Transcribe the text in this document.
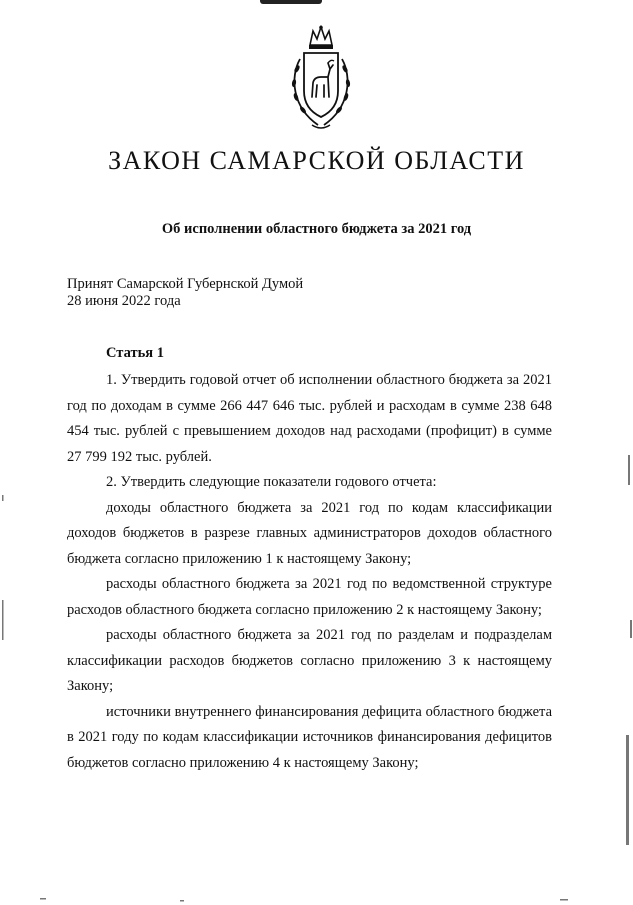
ЗАКОН САМАРСКОЙ ОБЛАСТИ
Об исполнении областного бюджета за 2021 год
Принят Самарской Губернской Думой
28 июня 2022 года
Статья 1

1. Утвердить годовой отчет об исполнении областного бюджета за 2021 год по доходам в сумме 266 447 646 тыс. рублей и расходам в сумме 238 648 454 тыс. рублей с превышением доходов над расходами (профицит) в сумме 27 799 192 тыс. рублей.

2. Утвердить следующие показатели годового отчета:

доходы областного бюджета за 2021 год по кодам классификации доходов бюджетов в разрезе главных администраторов доходов областного бюджета согласно приложению 1 к настоящему Закону;

расходы областного бюджета за 2021 год по ведомственной структуре расходов областного бюджета согласно приложению 2 к настоящему Закону;

расходы областного бюджета за 2021 год по разделам и подразделам классификации расходов бюджетов согласно приложению 3 к настоящему Закону;

источники внутреннего финансирования дефицита областного бюджета в 2021 году по кодам классификации источников финансирования дефицитов бюджетов согласно приложению 4 к настоящему Закону;
